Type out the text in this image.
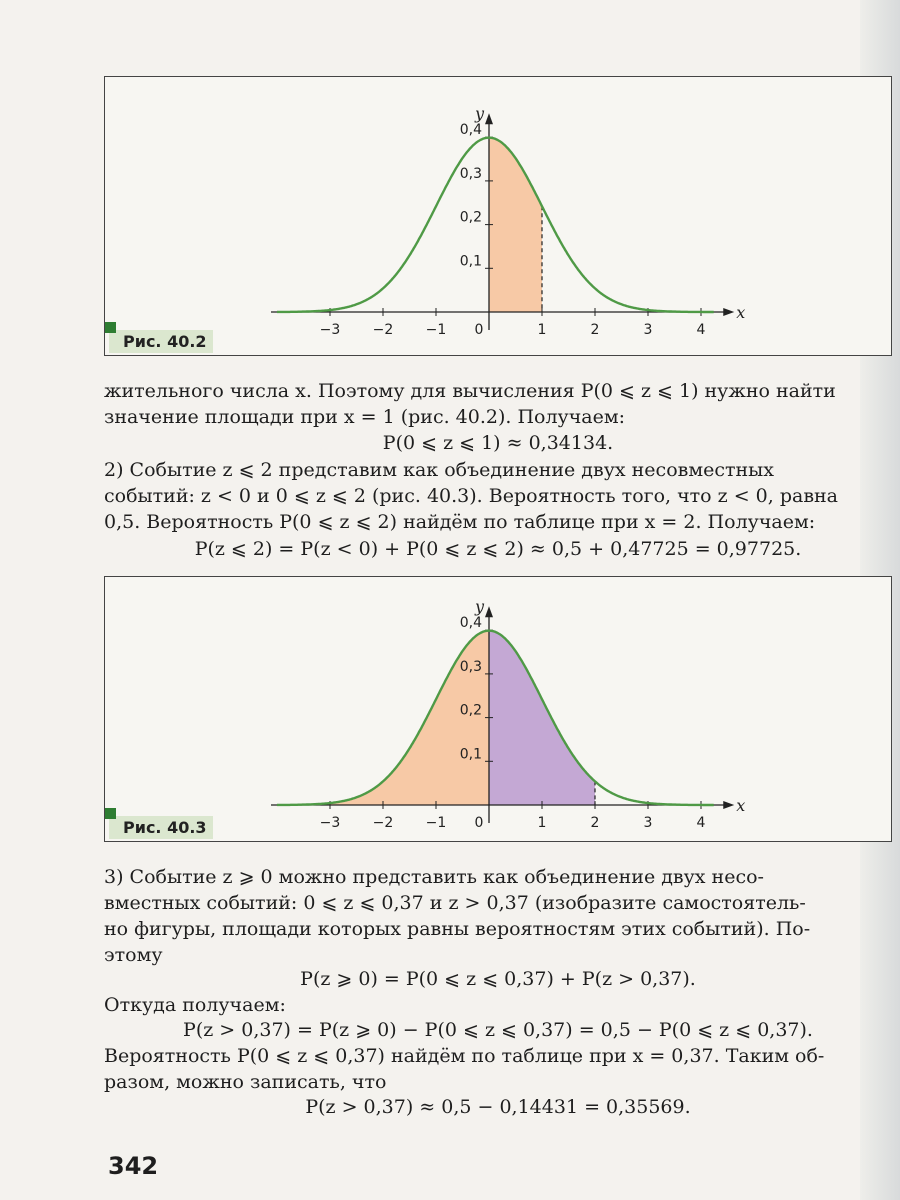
−3 −2 −1 0	1	2	3	4
0,1
0,2
0,3
0,4
x
y
Рис. 40.2
жительного числа x. Поэтому для вычисления P(0 ⩽ z ⩽ 1) нужно найти
значение площади при x = 1 (рис. 40.2). Получаем:
P(0 ⩽ z ⩽ 1) ≈ 0,34134.
2) Событие z ⩽ 2 представим как объединение двух несовместных
событий: z < 0 и 0 ⩽ z ⩽ 2 (рис. 40.3). Вероятность того, что z < 0, равна
0,5. Вероятность P(0 ⩽ z ⩽ 2) найдём по таблице при x = 2. Получаем:
P(z ⩽ 2) = P(z < 0) + P(0 ⩽ z ⩽ 2) ≈ 0,5 + 0,47725 = 0,97725.
−3 −2 −1 0	1	2	3	4
0,1
0,2
0,3
0,4
x
y
Рис. 40.3
3) Событие z ⩾ 0 можно представить как объединение двух несо-
вместных событий: 0 ⩽ z ⩽ 0,37 и z > 0,37 (изобразите самостоятель-
но фигуры, площади которых равны вероятностям этих событий). По-
этому
P(z ⩾ 0) = P(0 ⩽ z ⩽ 0,37) + P(z > 0,37).
Откуда получаем:
P(z > 0,37) = P(z ⩾ 0) − P(0 ⩽ z ⩽ 0,37) = 0,5 − P(0 ⩽ z ⩽ 0,37).
Вероятность P(0 ⩽ z ⩽ 0,37) найдём по таблице при x = 0,37. Таким об-
разом, можно записать, что
P(z > 0,37) ≈ 0,5 − 0,14431 = 0,35569.
342
